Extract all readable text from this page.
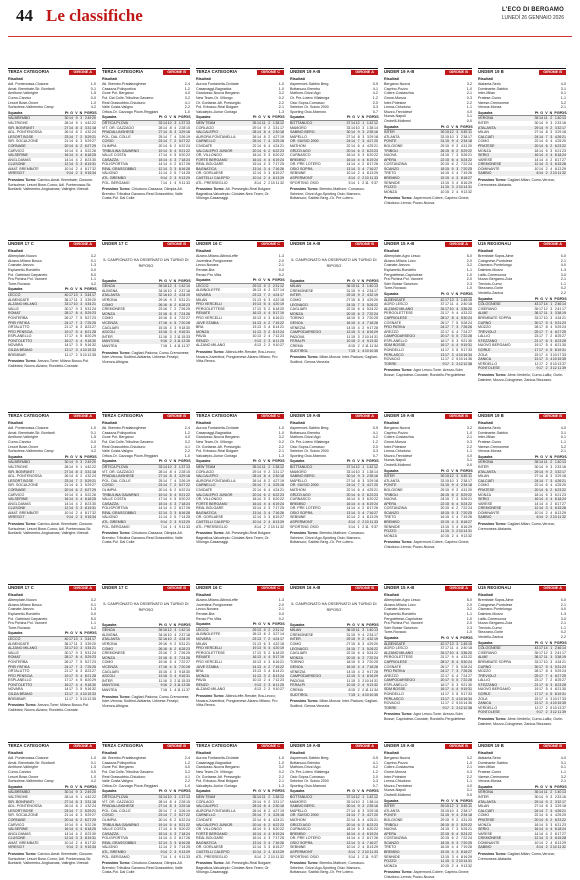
44 Le classifiche	L'ECO DI BERGAMO
LUNEDÌ 26 GENNAIO 2026
TERZA CATEGORIA	GIRONE A
Risultati
Adl. Pontenossa-Clusone	1-0
Amat. Brembate-Sir. Bonfanti	0-1
Amiltone-Valbrighe	1-5
Curno-Carvico	0-0
Lesort Bose-Onore	1-0
Sorisolese-Valbrembo Camp	4-2
Squadra	Pt G V N P GF GS
VALBREMBO	30 14 9 3 2 49 20
VALTRIGHE	28 14 9 1 4 42 22
SIR. BONFANTI	27 14 8 3 3 31 18
ADL. PONTENOSSA	26 14 8 2 4 32 24
LESORT BOSE	23 14 7 2 5 29 21
SIR. SOCALZONE	21 14 6 3 5 29 27
CORNASE	20 14 6 2 6 27 29
CARVICO	19 14 5 4 5 22 26
VALSERINE	16 14 4 4 6 18 25
ANGLOAMAS	14 14 4 2 8 23 30
CLUSONE	12 14 3 3 8 19 31
AMAT. BREMBATE	10 14 2 4 8 17 32
VIRESCIT	9 14 2 3 9 15 34
Prossimo Turno: Carvico-Amat. Brembate; Clusone-Sorisolese; Lesort Bose-Curno; Adl. Pontenossa-Sir. Bonfanti; Valbrembo-Angloamas; Valtrighe-Virescit.
TERZA CATEGORIA	GIRONE B
Risultati
Atl. Brembo-Pradalunghese	2-4
Casazza-Polisportiva	1-2
Gone Pol. Bergamo	4-0
Pol. Dal Colle-Tribulina Gavarno	3-2
Real Grassobbio-Chiuduno	4-1
Valle Costa-Valigno	2-2
Ortica-Or. Cazzago Piove-Reggiani	1-0
Squadra	Pt G V N P GF GS
ORTICA PLOVA	33 14 10 3 1 37 13
VIT. OR. CAZZAGO	28 14 8 4 2 28 15
PRADALUNGHESE	27 14 8 3 3 29 18
POL. DAL COLLE	25 14 7 4 3 26 19
COSIO	23 14 7 2 5 27 22
OLIMPIA	20 14 6 2 6 22 24
TRIBULINA GAVARNO	19 14 5 4 5 21 22
VALLE COSTA	17 14 4 5 5 20 22
CASAZZA	15 14 4 3 7 18 24
POLISPORTIVA	14 14 4 2 8 17 26
REAL GRASSOBBIO	12 14 3 3 8 16 28
VALIGNO	11 14 2 5 7 14 25
ATL. BREMBO	9 14 2 3 9 13 29
POL. BERGAMO	7 14 1 4 9 11 33
Prossimo Turno: Chiuduno-Casazza; Olimpia-Atl. Brembo; Tribulina Gavarno-Real Grassobbio; Valle Costa-Pol. Dal Colle.
TERZA CATEGORIA	GIRONE C
Risultati
Aurora Fontanella-Cividate	1-0
Casamaggi-Bagnatica	1-0
Gandosso-Nuova Bergamo	3-2
New Team-Or. Villongo	0-2
Or. Gorlaese-Atl. Presseglio	2-2
Pol. Erbusco-Real Bolgare	2-1
Valcalepio-Junior Gorlago	1-3
Squadra	Pt G V N P GF GS
NEW TEAM	35 14 11 2 1 38 12
CORLAGO	29 14 9 2 3 31 17
VALCALEPIO	28 14 8 4 2 30 18
AURORA FONTANELLA	26 14 8 2 4 27 19
CARNELLO	25 14 7 4 3 25 18
CIVIDATE	22 14 6 4 4 24 21
VALCALEPIO JUNIOR	20 14 6 2 6 22 23
OR. VILLONGO	18 14 5 3 6 20 22
FORTE BERGAMO	16 14 4 4 6 19 24
REAL BOLGARE	15 14 4 3 7 17 25
BAGNATICA	13 14 3 4 7 16 26
OR. GORLAESE	12 14 3 3 8 15 27
CASTELLI CALEPIO	10 14 2 4 8 13 29
ATL. PRESSEGLIO	8 14 2 2 10 11 32
Prossimo Turno: Atl. Presseglio-Real Bolgare; Bagnatica-Valcalepio; Cividate-New Team; Or. Villongo-Casamaggi.
UNDER 19 A-B	GIRONE A
Risultati
Aspermont-Sabbio Berg.	0-5
Bottanuco-Brembo	4-1
Mathom-Grizzi Ago	4-2
Or. Pre-Lotero Villalenga	1-2
Osio Sopra-Curnasco	2-0
Sebnine Or. Suisio 2000	3-3
Sporting Osio-Mamoro	0-7
Squadra	Pt G V N P GF GS
BOTTANUCO	37 14 12 1 1 42 12
MAMORO	33 14 10 3 1 38 14
SABBIO BERG.	30 14 9 3 2 35 16
MAPELLO	27 14 8 3 3 29 18
OR. SUISIO 2000	24 14 7 3 4 27 20
MATHOM	22 14 6 4 4 25 21
GRIZZI AGO	20 14 6 2 6 23 23
CURNASCO	18 14 5 3 6 20 22
BREMBO	16 14 4 4 6 19 24
OR. PRE LOTERO	14 14 4 2 8 17 26
OSIO SOPRA	13 14 3 4 7 16 27
SEBNINE	10 14 2 4 8 13 29
ASPERMONT	8 14 2 2 10 11 33
SPORTING OSIO	5 14 1 2 11 9 37
Prossimo Turno: Brembo-Mathom; Curnasco-Sebnine; Grizzi Ago-Sporting Osio; Mamoro-Bottanuco; Sabbio Berg.-Or. Pre Lotero.
UNDER 19 A-B	GIRONE B
Risultati
Bergamo Nuova	3-2
Caprino-Pozzo	1-0
Colere-Costanzina	2-1
Grone-Monza	0-3
Inter-Polesine	2-2
Lenna-Chiuduno	1-1
Mozzo-Treviolese	4-0
Nuova-Napoli	3-1
Orobelli-Molinesi	0-0
Squadra	Pt G V N P GF GS
INTER	39 15 12 3 0 45 11
ATLANTA	33 15 10 3 2 38 17
PONTE	31 15 9 4 2 34 18
BOLGIONE	29 15 9 2 4 31 20
TRIBOLI	26 15 8 2 5 29 22
NUOVA	24 15 7 3 5 26 21
APERA	22 15 6 4 5 24 22
COSTANZINA	20 15 6 2 7 22 24
SCANZO	18 15 5 3 7 20 25
TRETO	16 15 4 4 7 19 26
BREMBO	15 15 4 3 8 18 27
SENNIDE	13 15 3 4 8 16 29
POZZO	11 15 3 2 10 14 31
MONZA	10 15 2 4 9 13 32
Prossimo Turno: Aspermont-Colere; Caprino-Grone; Chiuduno-Lenna; Pozzo-Nuova.
UNDER 19 B	GIRONE B
Risultati
Atalanta-Serio	4-0
Dominante-Sabbio	3-1
Inter-Milan	0-1
Pratese-Como	1-1
Varese-Cremonese	3-2
Verona-Monza	2-1
Squadra	Pt G V N P GF GS
VERONA	35 14 11 2 1 40 13
INTER	30 14 9 3 2 33 16
ATALANTA	29 14 9 2 3 32 17
MILAN	27 14 8 3 3 29 18
CALCIATI	24 14 7 3 4 26 21
COMO	22 14 6 4 4 25 20
PRATESE	20 14 6 2 6 23 22
MONZA	18 14 5 3 6 21 23
SERIO	16 14 4 4 6 18 24
VARESE	14 14 4 2 8 17 27
CREMONESE	12 14 3 3 8 15 28
DOMINANTE	10 14 2 4 8 13 29
SABBIO	8 14 2 2 10 11 32
Prossimo Turno: Cagliari-Milan; Como-Verona; Cremonese-Atalanta.
UNDER 17 C	GIRONE A
Risultati
Albenplate-Nuovo	3-2
Alzano-Milano Bosco	0-1
Cosnate-Arezzo	1-3
Esplanello-Rondello	0-0
Pol. Gabbiani Carpaneto	5-0
Pra Pichina Pol. Vanneri	1-1
Torre-Rovacio	4-2
Squadra	Pt G V N P GF GS
LECCO	40 17 13 1 3 44 17
ALBENGATE	36 17 11 3 3 39 20
ALZANO MILANO	33 17 10 3 4 34 21
VALLE	30 17 9 3 5 31 24
ROMAT	28 17 8 4 5 29 23
PONTERBA	26 17 7 5 5 27 23
PREI PATIKA	24 17 7 3 7 25 25
ORTALUTTO	21 17 6 3 8 23 27
PRO PENSCIA	19 17 5 4 8 21 28
ESPLANELLO	17 17 4 5 8 20 29
PONTOLETTO	16 17 4 4 9 18 30
NOVARA	14 17 3 5 9 16 32
GILDA BRANO	13 17 3 4 10 15 33
BREMBAR	11 17 2 5 10 13 35
Prossimo Turno: Arezzo-Torre; Milano Bosco-Pol. Gabbiani; Nuovo-Alzano; Rondello-Cosnate.
UNDER 17 C	GIRONE B
IL CAMPIONATO HA OSSERVATO UN TURNO DI RIPOSO
Squadra	Pt G V N P GF GS
GENOA	39 16 12 3 1 42 14
ALBIGNA	34 16 10 4 2 37 18
ATALANTA	32 16 10 2 4 34 19
VERONA	29 16 9 2 5 31 21
COMO	26 16 8 2 6 28 23
CREMONESE	23 16 7 2 7 26 25
MONZA	21 16 6 3 7 24 26
COMO	19 16 5 4 7 22 27
VICENZA	17 16 4 5 7 20 28
CAGLIARI	15 16 4 3 9 18 30
ASCOLI	13 16 3 4 9 16 31
INTER	11 16 3 2 11 15 33
MANTOVA	9 16 2 3 11 13 35
MANTEA	7 16 1 4 11 11 37
Prossimo Turno: Cagliari-Padova; Como-Cremonese; Inter-Verona; Sudtirol-Atalanta; Udinese-Feralpi; Vicenza-Albigna.
UNDER 16 C	GIRONE C
Risultati
Alzano-Milano-AlbinoLeffe	1-3
Juventina-Pongiomese	2-0
Lecco-Novara	2-1
Renate-Bra	0-0
Renzo Pro Vitta	0-2
Squadra	Pt G V N P GF GS
LECCO	29 13 9 2 2 31 12
ALBINOLEFFE	26 13 8 2 3 27 14
NOVARA	23 13 7 2 4 24 17
MILAN	21 13 6 3 4 22 18
PRO VERCELLI	19 13 5 4 4 20 19
PERGOLETTESE	17 13 5 2 6 18 20
RENATE	16 13 4 4 5 17 19
PRO VERCELLI	15 13 4 3 6 16 21
JUVE STABIA	14 13 4 2 7 15 22
BRA	13 13 3 4 6 14 21
MONZA	11 13 3 2 8 13 24
PAVIA	10 13 2 4 7 12 23
RENZO	9 13 2 3 8 11 25
ALZANO MILANO	8 13 2 2 9 10 27
Prossimo Turno: AlbinoLeffe-Renate; Bra-Lecco; Novara-Juventina; Pongiomese-Alzano Milano; Pro Vitta-Renzo.
UNDER 16 A-B	GIRONE B
IL CAMPIONATO HA OSSERVATO UN TURNO DI RIPOSO
Squadra	Pt G V N P GF GS
MILAN	36 15 11 3 1 40 13
CREMONESE	31 15 9 4 2 34 17
INTER	29 15 9 2 4 32 19
COMO	27 15 8 3 4 29 20
LEGNAGO	24 15 7 3 5 26 22
CAGLIARI	22 15 6 4 5 24 22
MONZA	20 15 6 2 7 22 24
TORINO	18 15 5 3 7 20 25
GENOA	16 15 4 4 7 18 26
VENEZIA	14 15 4 2 9 17 28
CAMPODARSEGO	13 15 3 4 8 16 29
PADOVA	11 15 3 2 10 14 31
FERALPI	10 15 2 4 9 13 32
CREMA	8 15 2 2 11 11 34
SUDTIROL	7 15 1 4 10 10 35
Prossimo Turno: Milan-Monza; Inter-Padova; Cagliari-Sudtirol; Genoa-Venezia.
UNDER 15 A-B	GIRONE A
Risultati
Albenplate-Agro Lesco	5-0
Alzano-Milano Loco	2-0
Cosnate-Arezzo	3-2
Esplanello-Rondello	1-1
Pergolettese-Capriolese	1-0
Pra Pichina Pol. Vanneri	2-0
Sdm Bosse Sanctum	2-3
Torre-Rovacio	1-0
Squadra	Pt G V N P GF GS
ALBENGATE	42 17 13 3 1 45 15
AGRO LESCO	37 17 11 4 2 40 18
ALZANO MILANO	34 17 10 4 3 36 20
PERGOLETTESE	31 17 9 4 4 33 22
CAPRIOLESE	28 17 8 4 5 30 24
COSNATE	26 17 7 5 5 28 24
PRO PATIKA	24 17 7 3 7 26 26
AREZZO	22 17 6 4 7 24 27
CAMPODARSEGO	20 17 5 5 7 22 28
ESPLANELLO	18 17 5 3 9 21 30
SDM BOSSE	16 17 4 4 9 19 31
RONDELLO	14 17 3 5 9 17 33
PERLASCO	13 17 3 4 10 16 34
ROVACIO	11 17 2 5 10 14 36
TORRE	9 17 2 3 12 12 38
Prossimo Turno: Agro Lesco-Torre; Arezzo-Sdm Bosse; Capriolese-Cosnate; Rondello-Pergolettese.
U15 REGIONALI	GIRONE A
Risultati
Brembate Sopra-Alme	0-0
Colognese-Pontolese	2-1
Ciserano-Pontelungo	4-0
Dalmine-Mozzo	1-3
Lallio-Cortenuova	3-0
Nuovo Bergamo-Zola	2-1
Treviolo-Curno	1-1
Stezzano-Gorle	0-2
Verdello-Zanica	2-2
Squadra	Pt G V N P GF GS
COLOGNESE	43 17 14 1 2 46 14
CISERANO	39 17 12 3 2 41 17
ALME	36 17 11 3 3 38 19
BREMBATE SOPRA	33 17 10 3 4 34 21
CURNO	30 17 9 3 5 31 23
MOZZO	28 17 8 4 5 29 24
TREVIOLO	25 17 7 4 6 27 25
LALLIO	23 17 7 2 8 25 27
STEZZANO	21 17 6 3 8 23 28
NUOVO BERGAMO	19 17 5 4 8 21 30
GORLE	17 17 4 5 8 19 31
ZOLA	15 17 4 3 10 17 33
ZANICA	13 17 3 4 10 15 35
VERDELLO	11 17 2 5 10 13 37
PONTOLESE	9 17 2 3 12 11 39
Prossimo Turno: Alme-Verdello; Curno-Lallio; Gorle-Dalmine; Mozzo-Colognese; Zanica-Stezzano.
TERZA CATEGORIA	GIRONE A
Risultati
Adl. Pontenossa-Clusone	1-0
Amat. Brembate-Sir. Bonfanti	0-1
Amiltone-Valbrighe	1-5
Curno-Carvico	0-0
Lesort Bose-Onore	1-0
Sorisolese-Valbrembo Camp	4-2
Squadra	Pt G V N P GF GS
VALBREMBO	30 14 9 3 2 49 20
VALTRIGHE	28 14 9 1 4 42 22
SIR. BONFANTI	27 14 8 3 3 31 18
ADL. PONTENOSSA	26 14 8 2 4 32 24
LESORT BOSE	23 14 7 2 5 29 21
SIR. SOCALZONE	21 14 6 3 5 29 27
CORNASE	20 14 6 2 6 27 29
CARVICO	19 14 5 4 5 22 26
VALSERINE	16 14 4 4 6 18 25
ANGLOAMAS	14 14 4 2 8 23 30
CLUSONE	12 14 3 3 8 19 31
AMAT. BREMBATE	10 14 2 4 8 17 32
VIRESCIT	9 14 2 3 9 15 34
Prossimo Turno: Carvico-Amat. Brembate; Clusone-Sorisolese; Lesort Bose-Curno; Adl. Pontenossa-Sir. Bonfanti; Valbrembo-Angloamas; Valtrighe-Virescit.
TERZA CATEGORIA	GIRONE B
Risultati
Atl. Brembo-Pradalunghese	2-4
Casazza-Polisportiva	1-2
Gone Pol. Bergamo	4-0
Pol. Dal Colle-Tribulina Gavarno	3-2
Real Grassobbio-Chiuduno	4-1
Valle Costa-Valigno	2-2
Ortica-Or. Cazzago Piove-Reggiani	1-0
Squadra	Pt G V N P GF GS
ORTICA PLOVA	33 14 10 3 1 37 13
VIT. OR. CAZZAGO	28 14 8 4 2 28 15
PRADALUNGHESE	27 14 8 3 3 29 18
POL. DAL COLLE	25 14 7 4 3 26 19
COSIO	23 14 7 2 5 27 22
OLIMPIA	20 14 6 2 6 22 24
TRIBULINA GAVARNO	19 14 5 4 5 21 22
VALLE COSTA	17 14 4 5 5 20 22
CASAZZA	15 14 4 3 7 18 24
POLISPORTIVA	14 14 4 2 8 17 26
REAL GRASSOBBIO	12 14 3 3 8 16 28
VALIGNO	11 14 2 5 7 14 25
ATL. BREMBO	9 14 2 3 9 13 29
POL. BERGAMO	7 14 1 4 9 11 33
Prossimo Turno: Chiuduno-Casazza; Olimpia-Atl. Brembo; Tribulina Gavarno-Real Grassobbio; Valle Costa-Pol. Dal Colle.
TERZA CATEGORIA	GIRONE C
Risultati
Aurora Fontanella-Cividate	1-0
Casamaggi-Bagnatica	1-0
Gandosso-Nuova Bergamo	3-2
New Team-Or. Villongo	0-2
Or. Gorlaese-Atl. Presseglio	2-2
Pol. Erbusco-Real Bolgare	2-1
Valcalepio-Junior Gorlago	1-3
Squadra	Pt G V N P GF GS
NEW TEAM	35 14 11 2 1 38 12
CORLAGO	29 14 9 2 3 31 17
VALCALEPIO	28 14 8 4 2 30 18
AURORA FONTANELLA	26 14 8 2 4 27 19
CARNELLO	25 14 7 4 3 25 18
CIVIDATE	22 14 6 4 4 24 21
VALCALEPIO JUNIOR	20 14 6 2 6 22 23
OR. VILLONGO	18 14 5 3 6 20 22
FORTE BERGAMO	16 14 4 4 6 19 24
REAL BOLGARE	15 14 4 3 7 17 25
BAGNATICA	13 14 3 4 7 16 26
OR. GORLAESE	12 14 3 3 8 15 27
CASTELLI CALEPIO	10 14 2 4 8 13 29
ATL. PRESSEGLIO	8 14 2 2 10 11 32
Prossimo Turno: Atl. Presseglio-Real Bolgare; Bagnatica-Valcalepio; Cividate-New Team; Or. Villongo-Casamaggi.
UNDER 19 A-B	GIRONE A
Risultati
Aspermont-Sabbio Berg.	0-5
Bottanuco-Brembo	4-1
Mathom-Grizzi Ago	4-2
Or. Pre-Lotero Villalenga	1-2
Osio Sopra-Curnasco	2-0
Sebnine Or. Suisio 2000	3-3
Sporting Osio-Mamoro	0-7
Squadra	Pt G V N P GF GS
BOTTANUCO	37 14 12 1 1 42 12
MAMORO	33 14 10 3 1 38 14
SABBIO BERG.	30 14 9 3 2 35 16
MAPELLO	27 14 8 3 3 29 18
OR. SUISIO 2000	24 14 7 3 4 27 20
MATHOM	22 14 6 4 4 25 21
GRIZZI AGO	20 14 6 2 6 23 23
CURNASCO	18 14 5 3 6 20 22
BREMBO	16 14 4 4 6 19 24
OR. PRE LOTERO	14 14 4 2 8 17 26
OSIO SOPRA	13 14 3 4 7 16 27
SEBNINE	10 14 2 4 8 13 29
ASPERMONT	8 14 2 2 10 11 33
SPORTING OSIO	5 14 1 2 11 9 37
Prossimo Turno: Brembo-Mathom; Curnasco-Sebnine; Grizzi Ago-Sporting Osio; Mamoro-Bottanuco; Sabbio Berg.-Or. Pre Lotero.
UNDER 19 A-B	GIRONE B
Risultati
Bergamo Nuova	3-2
Caprino-Pozzo	1-0
Colere-Costanzina	2-1
Grone-Monza	0-3
Inter-Polesine	2-2
Lenna-Chiuduno	1-1
Mozzo-Treviolese	4-0
Nuova-Napoli	3-1
Orobelli-Molinesi	0-0
Squadra	Pt G V N P GF GS
INTER	39 15 12 3 0 45 11
ATLANTA	33 15 10 3 2 38 17
PONTE	31 15 9 4 2 34 18
BOLGIONE	29 15 9 2 4 31 20
TRIBOLI	26 15 8 2 5 29 22
NUOVA	24 15 7 3 5 26 21
APERA	22 15 6 4 5 24 22
COSTANZINA	20 15 6 2 7 22 24
SCANZO	18 15 5 3 7 20 25
TRETO	16 15 4 4 7 19 26
BREMBO	15 15 4 3 8 18 27
SENNIDE	13 15 3 4 8 16 29
POZZO	11 15 3 2 10 14 31
MONZA	10 15 2 4 9 13 32
Prossimo Turno: Aspermont-Colere; Caprino-Grone; Chiuduno-Lenna; Pozzo-Nuova.
UNDER 19 B	GIRONE B
Risultati
Atalanta-Serio	4-0
Dominante-Sabbio	3-1
Inter-Milan	0-1
Pratese-Como	1-1
Varese-Cremonese	3-2
Verona-Monza	2-1
Squadra	Pt G V N P GF GS
VERONA	35 14 11 2 1 40 13
INTER	30 14 9 3 2 33 16
ATALANTA	29 14 9 2 3 32 17
MILAN	27 14 8 3 3 29 18
CALCIATI	24 14 7 3 4 26 21
COMO	22 14 6 4 4 25 20
PRATESE	20 14 6 2 6 23 22
MONZA	18 14 5 3 6 21 23
SERIO	16 14 4 4 6 18 24
VARESE	14 14 4 2 8 17 27
CREMONESE	12 14 3 3 8 15 28
DOMINANTE	10 14 2 4 8 13 29
SABBIO	8 14 2 2 10 11 32
Prossimo Turno: Cagliari-Milan; Como-Verona; Cremonese-Atalanta.
UNDER 17 C	GIRONE A
Risultati
Albenplate-Nuovo	3-2
Alzano-Milano Bosco	0-1
Cosnate-Arezzo	1-3
Esplanello-Rondello	0-0
Pol. Gabbiani Carpaneto	5-0
Pra Pichina Pol. Vanneri	1-1
Torre-Rovacio	4-2
Squadra	Pt G V N P GF GS
LECCO	40 17 13 1 3 44 17
ALBENGATE	36 17 11 3 3 39 20
ALZANO MILANO	33 17 10 3 4 34 21
VALLE	30 17 9 3 5 31 24
ROMAT	28 17 8 4 5 29 23
PONTERBA	26 17 7 5 5 27 23
PREI PATIKA	24 17 7 3 7 25 25
ORTALUTTO	21 17 6 3 8 23 27
PRO PENSCIA	19 17 5 4 8 21 28
ESPLANELLO	17 17 4 5 8 20 29
PONTOLETTO	16 17 4 4 9 18 30
NOVARA	14 17 3 5 9 16 32
GILDA BRANO	13 17 3 4 10 15 33
BREMBAR	11 17 2 5 10 13 35
Prossimo Turno: Arezzo-Torre; Milano Bosco-Pol. Gabbiani; Nuovo-Alzano; Rondello-Cosnate.
UNDER 17 C	GIRONE B
IL CAMPIONATO HA OSSERVATO UN TURNO DI RIPOSO
Squadra	Pt G V N P GF GS
GENOA	39 16 12 3 1 42 14
ALBIGNA	34 16 10 4 2 37 18
ATALANTA	32 16 10 2 4 34 19
VERONA	29 16 9 2 5 31 21
COMO	26 16 8 2 6 28 23
CREMONESE	23 16 7 2 7 26 25
MONZA	21 16 6 3 7 24 26
COMO	19 16 5 4 7 22 27
VICENZA	17 16 4 5 7 20 28
CAGLIARI	15 16 4 3 9 18 30
ASCOLI	13 16 3 4 9 16 31
INTER	11 16 3 2 11 15 33
MANTOVA	9 16 2 3 11 13 35
MANTEA	7 16 1 4 11 11 37
Prossimo Turno: Cagliari-Padova; Como-Cremonese; Inter-Verona; Sudtirol-Atalanta; Udinese-Feralpi; Vicenza-Albigna.
UNDER 16 C	GIRONE C
Risultati
Alzano-Milano-AlbinoLeffe	1-3
Juventina-Pongiomese	2-0
Lecco-Novara	2-1
Renate-Bra	0-0
Renzo Pro Vitta	0-2
Squadra	Pt G V N P GF GS
LECCO	29 13 9 2 2 31 12
ALBINOLEFFE	26 13 8 2 3 27 14
NOVARA	23 13 7 2 4 24 17
MILAN	21 13 6 3 4 22 18
PRO VERCELLI	19 13 5 4 4 20 19
PERGOLETTESE	17 13 5 2 6 18 20
RENATE	16 13 4 4 5 17 19
PRO VERCELLI	15 13 4 3 6 16 21
JUVE STABIA	14 13 4 2 7 15 22
BRA	13 13 3 4 6 14 21
MONZA	11 13 3 2 8 13 24
PAVIA	10 13 2 4 7 12 23
RENZO	9 13 2 3 8 11 25
ALZANO MILANO	8 13 2 2 9 10 27
Prossimo Turno: AlbinoLeffe-Renate; Bra-Lecco; Novara-Juventina; Pongiomese-Alzano Milano; Pro Vitta-Renzo.
UNDER 16 A-B	GIRONE B
IL CAMPIONATO HA OSSERVATO UN TURNO DI RIPOSO
Squadra	Pt G V N P GF GS
MILAN	36 15 11 3 1 40 13
CREMONESE	31 15 9 4 2 34 17
INTER	29 15 9 2 4 32 19
COMO	27 15 8 3 4 29 20
LEGNAGO	24 15 7 3 5 26 22
CAGLIARI	22 15 6 4 5 24 22
MONZA	20 15 6 2 7 22 24
TORINO	18 15 5 3 7 20 25
GENOA	16 15 4 4 7 18 26
VENEZIA	14 15 4 2 9 17 28
CAMPODARSEGO	13 15 3 4 8 16 29
PADOVA	11 15 3 2 10 14 31
FERALPI	10 15 2 4 9 13 32
CREMA	8 15 2 2 11 11 34
SUDTIROL	7 15 1 4 10 10 35
Prossimo Turno: Milan-Monza; Inter-Padova; Cagliari-Sudtirol; Genoa-Venezia.
UNDER 15 A-B	GIRONE A
Risultati
Albenplate-Agro Lesco	5-0
Alzano-Milano Loco	2-0
Cosnate-Arezzo	3-2
Esplanello-Rondello	1-1
Pergolettese-Capriolese	1-0
Pra Pichina Pol. Vanneri	2-0
Sdm Bosse Sanctum	2-3
Torre-Rovacio	1-0
Squadra	Pt G V N P GF GS
ALBENGATE	42 17 13 3 1 45 15
AGRO LESCO	37 17 11 4 2 40 18
ALZANO MILANO	34 17 10 4 3 36 20
PERGOLETTESE	31 17 9 4 4 33 22
CAPRIOLESE	28 17 8 4 5 30 24
COSNATE	26 17 7 5 5 28 24
PRO PATIKA	24 17 7 3 7 26 26
AREZZO	22 17 6 4 7 24 27
CAMPODARSEGO	20 17 5 5 7 22 28
ESPLANELLO	18 17 5 3 9 21 30
SDM BOSSE	16 17 4 4 9 19 31
RONDELLO	14 17 3 5 9 17 33
PERLASCO	13 17 3 4 10 16 34
ROVACIO	11 17 2 5 10 14 36
TORRE	9 17 2 3 12 12 38
Prossimo Turno: Agro Lesco-Torre; Arezzo-Sdm Bosse; Capriolese-Cosnate; Rondello-Pergolettese.
U15 REGIONALI	GIRONE A
Risultati
Brembate Sopra-Alme	0-0
Colognese-Pontolese	2-1
Ciserano-Pontelungo	4-0
Dalmine-Mozzo	1-3
Lallio-Cortenuova	3-0
Nuovo Bergamo-Zola	2-1
Treviolo-Curno	1-1
Stezzano-Gorle	0-2
Verdello-Zanica	2-2
Squadra	Pt G V N P GF GS
COLOGNESE	43 17 14 1 2 46 14
CISERANO	39 17 12 3 2 41 17
ALME	36 17 11 3 3 38 19
BREMBATE SOPRA	33 17 10 3 4 34 21
CURNO	30 17 9 3 5 31 23
MOZZO	28 17 8 4 5 29 24
TREVIOLO	25 17 7 4 6 27 25
LALLIO	23 17 7 2 8 25 27
STEZZANO	21 17 6 3 8 23 28
NUOVO BERGAMO	19 17 5 4 8 21 30
GORLE	17 17 4 5 8 19 31
ZOLA	15 17 4 3 10 17 33
ZANICA	13 17 3 4 10 15 35
VERDELLO	11 17 2 5 10 13 37
PONTOLESE	9 17 2 3 12 11 39
Prossimo Turno: Alme-Verdello; Curno-Lallio; Gorle-Dalmine; Mozzo-Colognese; Zanica-Stezzano.
TERZA CATEGORIA	GIRONE A
Risultati
Adl. Pontenossa-Clusone	1-0
Amat. Brembate-Sir. Bonfanti	0-1
Amiltone-Valbrighe	1-5
Curno-Carvico	0-0
Lesort Bose-Onore	1-0
Sorisolese-Valbrembo Camp	4-2
Squadra	Pt G V N P GF GS
VALBREMBO	30 14 9 3 2 49 20
VALTRIGHE	28 14 9 1 4 42 22
SIR. BONFANTI	27 14 8 3 3 31 18
ADL. PONTENOSSA	26 14 8 2 4 32 24
LESORT BOSE	23 14 7 2 5 29 21
SIR. SOCALZONE	21 14 6 3 5 29 27
CORNASE	20 14 6 2 6 27 29
CARVICO	19 14 5 4 5 22 26
VALSERINE	16 14 4 4 6 18 25
ANGLOAMAS	14 14 4 2 8 23 30
CLUSONE	12 14 3 3 8 19 31
AMAT. BREMBATE	10 14 2 4 8 17 32
VIRESCIT	9 14 2 3 9 15 34
Prossimo Turno: Carvico-Amat. Brembate; Clusone-Sorisolese; Lesort Bose-Curno; Adl. Pontenossa-Sir. Bonfanti; Valbrembo-Angloamas; Valtrighe-Virescit.
TERZA CATEGORIA	GIRONE B
Risultati
Atl. Brembo-Pradalunghese	2-4
Casazza-Polisportiva	1-2
Gone Pol. Bergamo	4-0
Pol. Dal Colle-Tribulina Gavarno	3-2
Real Grassobbio-Chiuduno	4-1
Valle Costa-Valigno	2-2
Ortica-Or. Cazzago Piove-Reggiani	1-0
Squadra	Pt G V N P GF GS
ORTICA PLOVA	33 14 10 3 1 37 13
VIT. OR. CAZZAGO	28 14 8 4 2 28 15
PRADALUNGHESE	27 14 8 3 3 29 18
POL. DAL COLLE	25 14 7 4 3 26 19
COSIO	23 14 7 2 5 27 22
OLIMPIA	20 14 6 2 6 22 24
TRIBULINA GAVARNO	19 14 5 4 5 21 22
VALLE COSTA	17 14 4 5 5 20 22
CASAZZA	15 14 4 3 7 18 24
POLISPORTIVA	14 14 4 2 8 17 26
REAL GRASSOBBIO	12 14 3 3 8 16 28
VALIGNO	11 14 2 5 7 14 25
ATL. BREMBO	9 14 2 3 9 13 29
POL. BERGAMO	7 14 1 4 9 11 33
Prossimo Turno: Chiuduno-Casazza; Olimpia-Atl. Brembo; Tribulina Gavarno-Real Grassobbio; Valle Costa-Pol. Dal Colle.
TERZA CATEGORIA	GIRONE C
Risultati
Aurora Fontanella-Cividate	1-0
Casamaggi-Bagnatica	1-0
Gandosso-Nuova Bergamo	3-2
New Team-Or. Villongo	0-2
Or. Gorlaese-Atl. Presseglio	2-2
Pol. Erbusco-Real Bolgare	2-1
Valcalepio-Junior Gorlago	1-3
Squadra	Pt G V N P GF GS
NEW TEAM	35 14 11 2 1 38 12
CORLAGO	29 14 9 2 3 31 17
VALCALEPIO	28 14 8 4 2 30 18
AURORA FONTANELLA	26 14 8 2 4 27 19
CARNELLO	25 14 7 4 3 25 18
CIVIDATE	22 14 6 4 4 24 21
VALCALEPIO JUNIOR	20 14 6 2 6 22 23
OR. VILLONGO	18 14 5 3 6 20 22
FORTE BERGAMO	16 14 4 4 6 19 24
REAL BOLGARE	15 14 4 3 7 17 25
BAGNATICA	13 14 3 4 7 16 26
OR. GORLAESE	12 14 3 3 8 15 27
CASTELLI CALEPIO	10 14 2 4 8 13 29
ATL. PRESSEGLIO	8 14 2 2 10 11 32
Prossimo Turno: Atl. Presseglio-Real Bolgare; Bagnatica-Valcalepio; Cividate-New Team; Or. Villongo-Casamaggi.
UNDER 19 A-B	GIRONE A
Risultati
Aspermont-Sabbio Berg.	0-5
Bottanuco-Brembo	4-1
Mathom-Grizzi Ago	4-2
Or. Pre-Lotero Villalenga	1-2
Osio Sopra-Curnasco	2-0
Sebnine Or. Suisio 2000	3-3
Sporting Osio-Mamoro	0-7
Squadra	Pt G V N P GF GS
BOTTANUCO	37 14 12 1 1 42 12
MAMORO	33 14 10 3 1 38 14
SABBIO BERG.	30 14 9 3 2 35 16
MAPELLO	27 14 8 3 3 29 18
OR. SUISIO 2000	24 14 7 3 4 27 20
MATHOM	22 14 6 4 4 25 21
GRIZZI AGO	20 14 6 2 6 23 23
CURNASCO	18 14 5 3 6 20 22
BREMBO	16 14 4 4 6 19 24
OR. PRE LOTERO	14 14 4 2 8 17 26
OSIO SOPRA	13 14 3 4 7 16 27
SEBNINE	10 14 2 4 8 13 29
ASPERMONT	8 14 2 2 10 11 33
SPORTING OSIO	5 14 1 2 11 9 37
Prossimo Turno: Brembo-Mathom; Curnasco-Sebnine; Grizzi Ago-Sporting Osio; Mamoro-Bottanuco; Sabbio Berg.-Or. Pre Lotero.
UNDER 19 A-B	GIRONE B
Risultati
Bergamo Nuova	3-2
Caprino-Pozzo	1-0
Colere-Costanzina	2-1
Grone-Monza	0-3
Inter-Polesine	2-2
Lenna-Chiuduno	1-1
Mozzo-Treviolese	4-0
Nuova-Napoli	3-1
Orobelli-Molinesi	0-0
Squadra	Pt G V N P GF GS
INTER	39 15 12 3 0 45 11
ATLANTA	33 15 10 3 2 38 17
PONTE	31 15 9 4 2 34 18
BOLGIONE	29 15 9 2 4 31 20
TRIBOLI	26 15 8 2 5 29 22
NUOVA	24 15 7 3 5 26 21
APERA	22 15 6 4 5 24 22
COSTANZINA	20 15 6 2 7 22 24
SCANZO	18 15 5 3 7 20 25
TRETO	16 15 4 4 7 19 26
BREMBO	15 15 4 3 8 18 27
SENNIDE	13 15 3 4 8 16 29
POZZO	11 15 3 2 10 14 31
MONZA	10 15 2 4 9 13 32
Prossimo Turno: Aspermont-Colere; Caprino-Grone; Chiuduno-Lenna; Pozzo-Nuova.
UNDER 19 B	GIRONE B
Risultati
Atalanta-Serio	4-0
Dominante-Sabbio	3-1
Inter-Milan	0-1
Pratese-Como	1-1
Varese-Cremonese	3-2
Verona-Monza	2-1
Squadra	Pt G V N P GF GS
VERONA	35 14 11 2 1 40 13
INTER	30 14 9 3 2 33 16
ATALANTA	29 14 9 2 3 32 17
MILAN	27 14 8 3 3 29 18
CALCIATI	24 14 7 3 4 26 21
COMO	22 14 6 4 4 25 20
PRATESE	20 14 6 2 6 23 22
MONZA	18 14 5 3 6 21 23
SERIO	16 14 4 4 6 18 24
VARESE	14 14 4 2 8 17 27
CREMONESE	12 14 3 3 8 15 28
DOMINANTE	10 14 2 4 8 13 29
SABBIO	8 14 2 2 10 11 32
Prossimo Turno: Cagliari-Milan; Como-Verona; Cremonese-Atalanta.
